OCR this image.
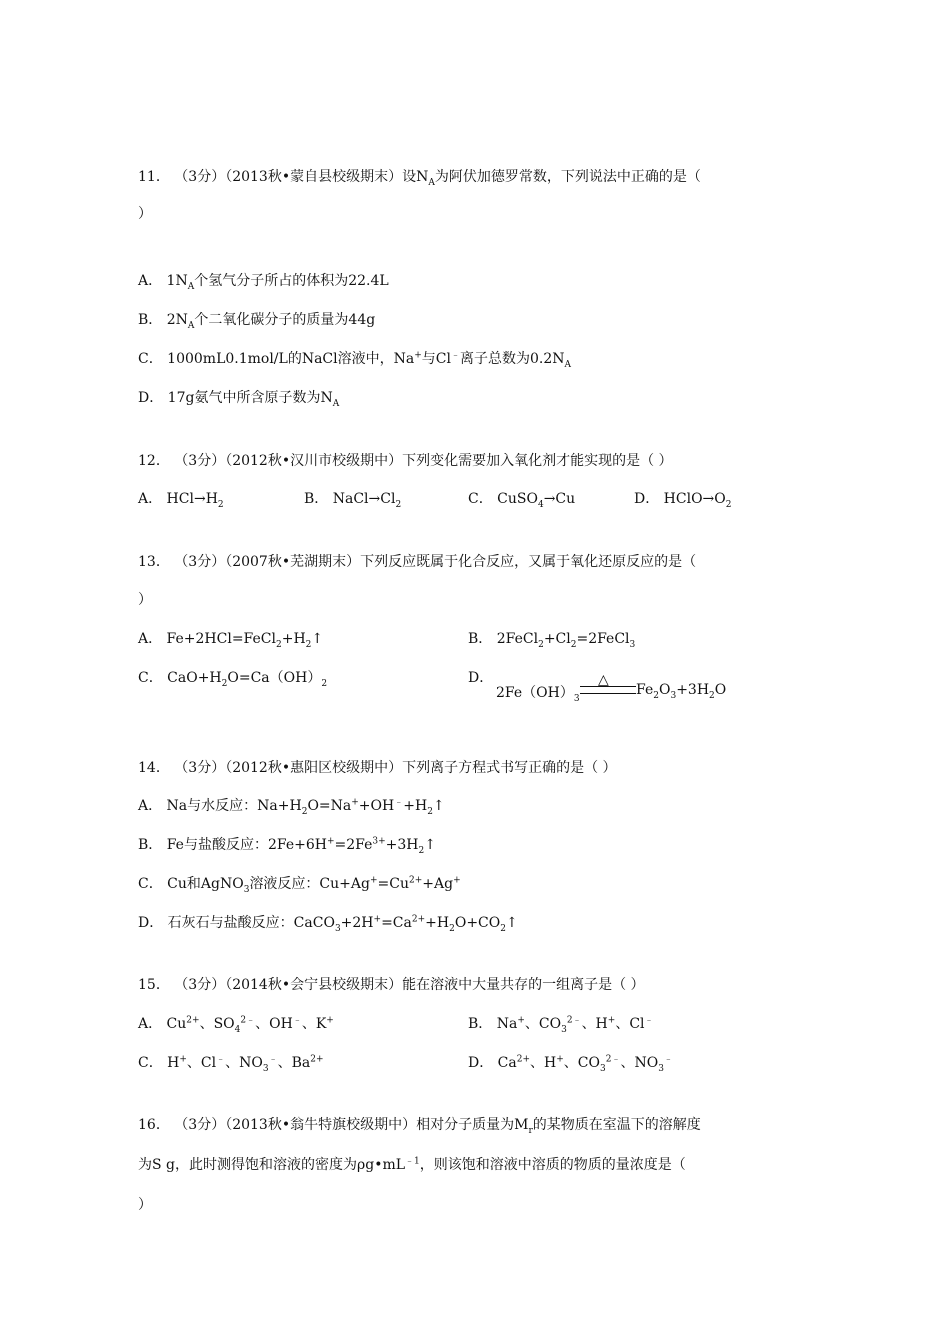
11． （3分）（2013秋•蒙自县校级期末）设$N_A$为阿伏加德罗常数，下列说法中正确的是（
）
A． $1N_A$个氢气分子所占的体积为22.4L
B． $2N_A$个二氧化碳分子的质量为44g
C． 1000mL0.1mol/L的NaCl溶液中，Na+与Cl﹣离子总数为$0.2N_A$
D． 17g氨气中所含原子数为$N_A$
12． （3分）（2012秋•汉川市校级期中）下列变化需要加入氧化剂才能实现的是（ ）
A． $HCl\to H_2$	B． $NaCl\to Cl_2$	C． CuSO$_4$→Cu	D． $HClO\to O_2$
13． （3分）（2007秋•芜湖期末）下列反应既属于化合反应，又属于氧化还原反应的是（
）
A． $Fe+2HCl=FeCl_2+H_2↑$	B． $2FeCl_2+Cl_2=2FeCl_3$
C． $CaO+H_2O=Ca(OH)_2$	D．	△
$2Fe(OH)_3$
$Fe_2O_3+3H_2O$
14． （3分）（2012秋•惠阳区校级期中）下列离子方程式书写正确的是（ ）
A． Na与水反应：$Na+H_2O=Na^++OH^﹣+H_2↑$
B． Fe与盐酸反应：$2Fe+6H^+=2Fe^{3+}+3H_2↑$
C． Cu和AgNO$_3$溶液反应：$Cu+Ag^+=Cu^{2+}+Ag^+$
D． 石灰石与盐酸反应：$CaCO_3+2H^+=Ca^{2+}+H_2O+CO_2↑$
15． （3分）（2014秋•会宁县校级期末）能在溶液中大量共存的一组离子是（ ）
A． $Cu^{2+}$、$SO_4^{2﹣}$、OH﹣、K+	B． Na+、$CO_3^{2﹣}$、H+、Cl﹣
C． H+、Cl﹣、$NO_3^﹣$、$Ba^{2+}$	D． $Ca^{2+}$、H+、$CO_3^{2﹣}$、$NO_3^﹣$
16． （3分）（2013秋•翁牛特旗校级期中）相对分子质量为$M_r$的某物质在室温下的溶解度
为S g，此时测得饱和溶液的密度为$\rho g•mL^{﹣1}$，则该饱和溶液中溶质的物质的量浓度是（
）
